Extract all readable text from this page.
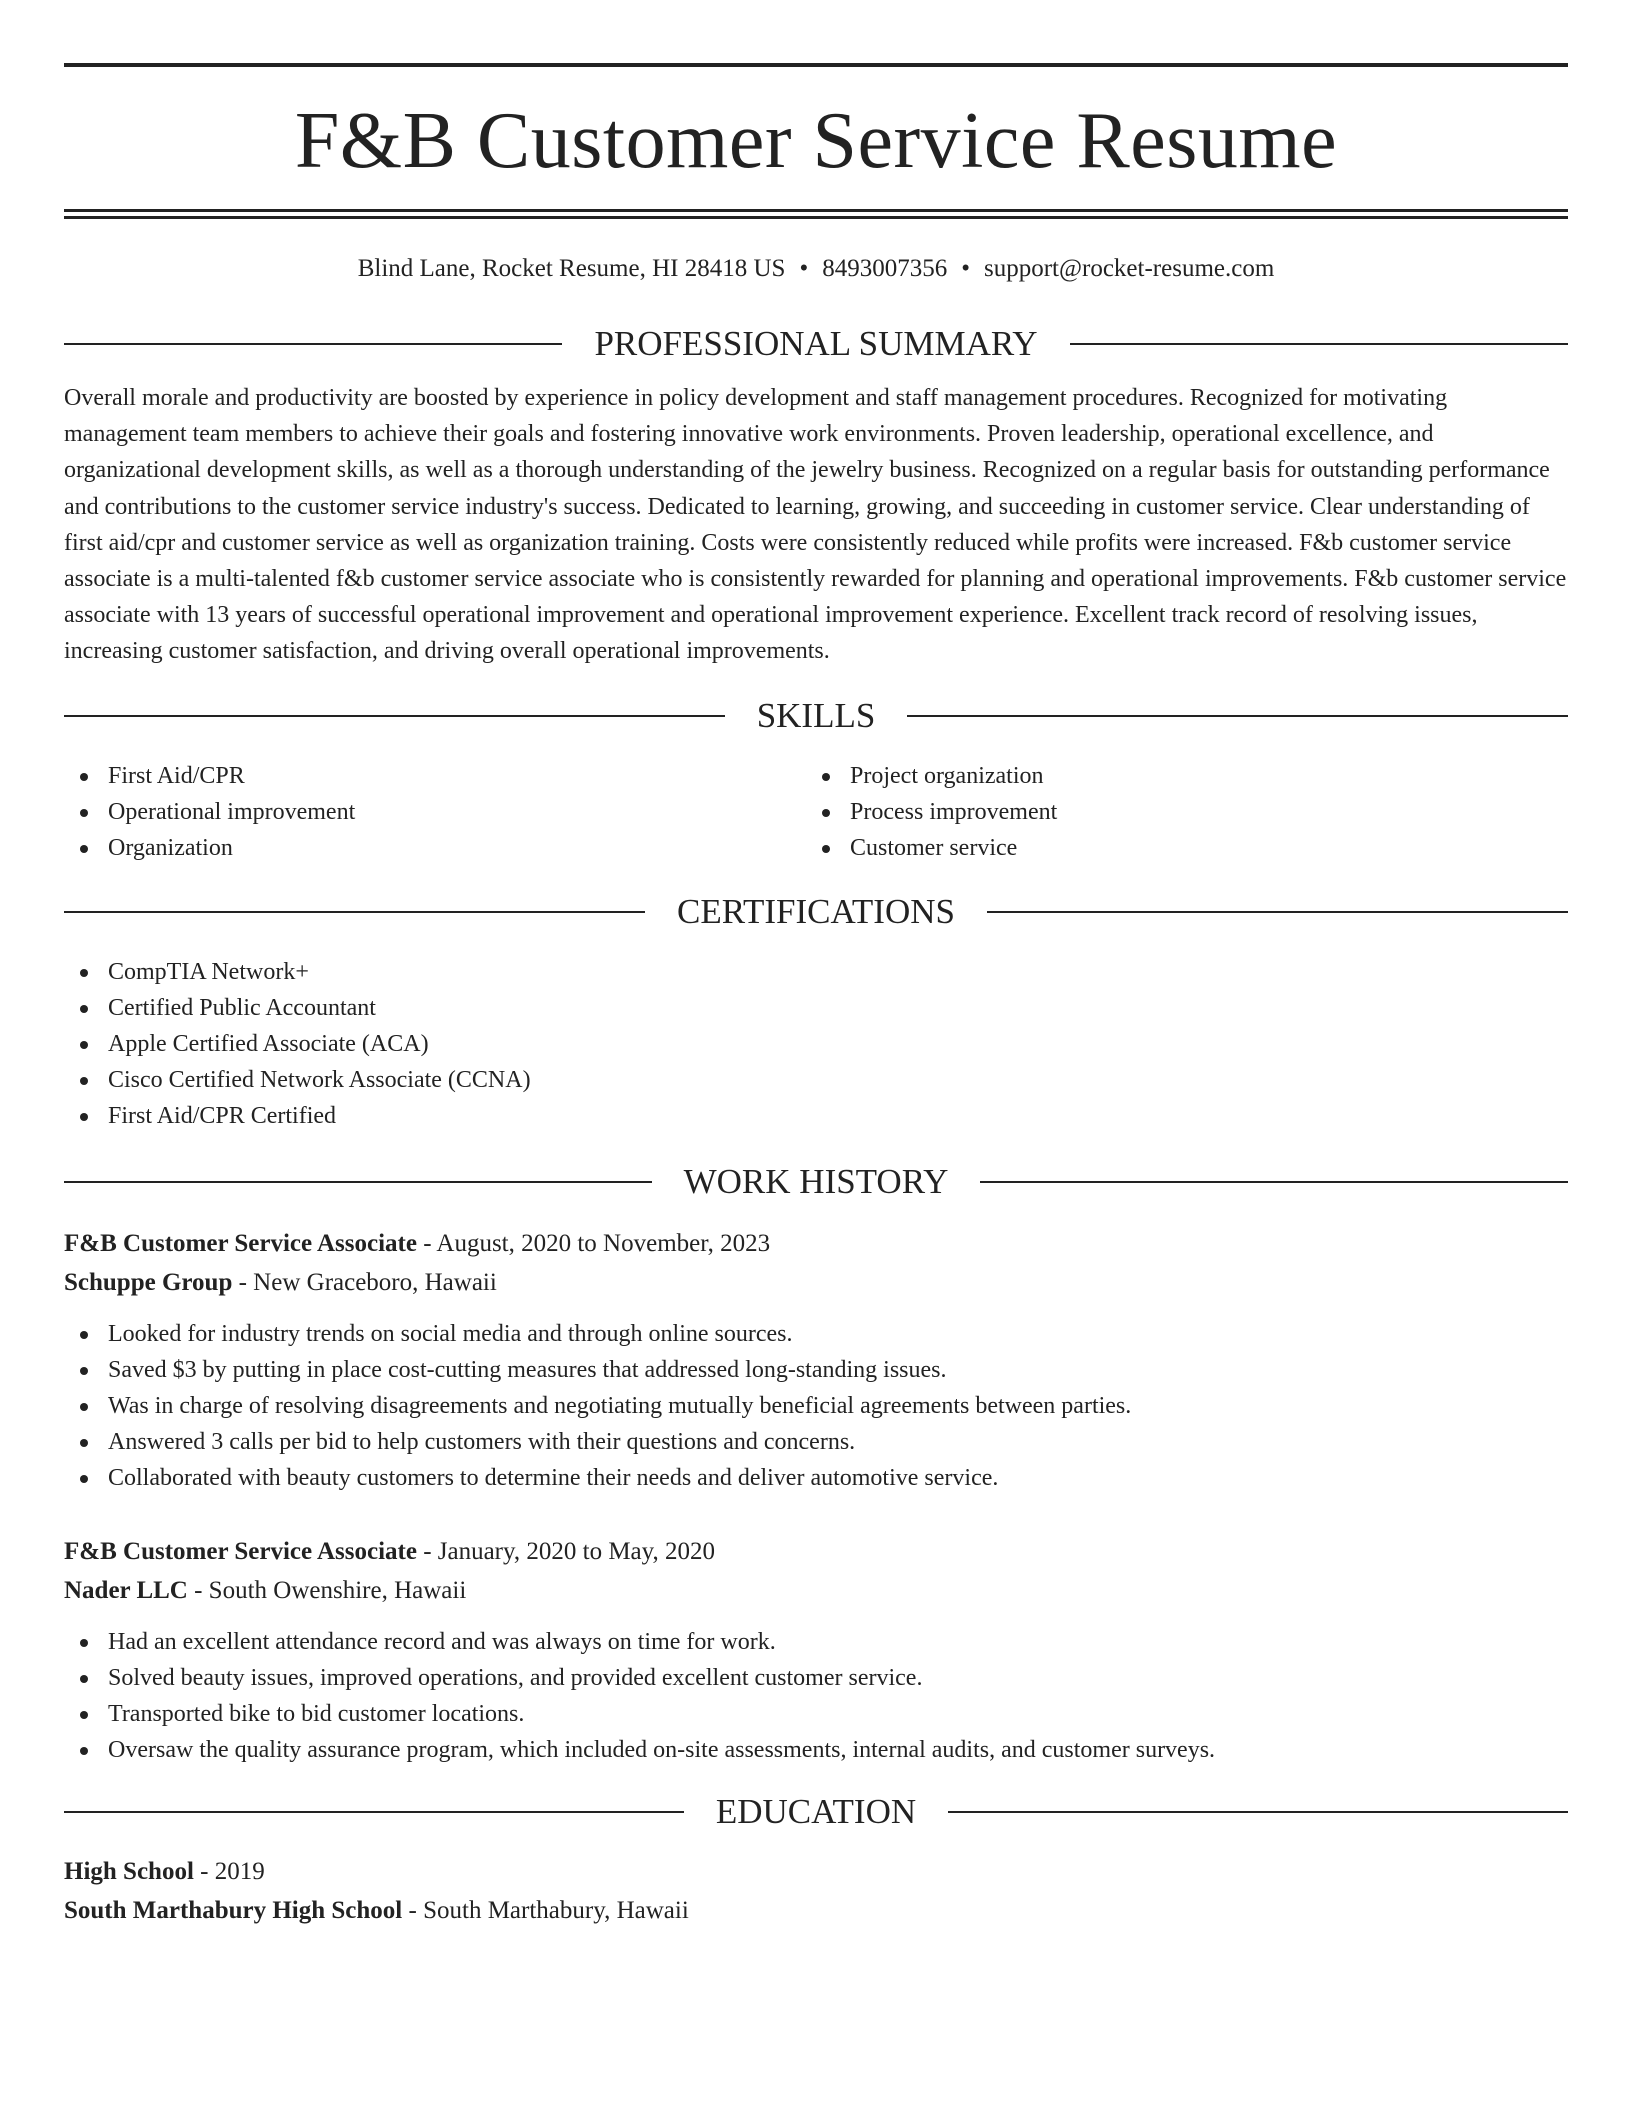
F&B Customer Service Resume
Blind Lane, Rocket Resume, HI 28418 US • 8493007356 • support@rocket-resume.com
PROFESSIONAL SUMMARY
Overall morale and productivity are boosted by experience in policy development and staff management procedures. Recognized for motivating management team members to achieve their goals and fostering innovative work environments. Proven leadership, operational excellence, and organizational development skills, as well as a thorough understanding of the jewelry business. Recognized on a regular basis for outstanding performance and contributions to the customer service industry's success. Dedicated to learning, growing, and succeeding in customer service. Clear understanding of first aid/cpr and customer service as well as organization training. Costs were consistently reduced while profits were increased. F&b customer service associate is a multi-talented f&b customer service associate who is consistently rewarded for planning and operational improvements. F&b customer service associate with 13 years of successful operational improvement and operational improvement experience. Excellent track record of resolving issues, increasing customer satisfaction, and driving overall operational improvements.
SKILLS
First Aid/CPR
Operational improvement
Organization
Project organization
Process improvement
Customer service
CERTIFICATIONS
CompTIA Network+
Certified Public Accountant
Apple Certified Associate (ACA)
Cisco Certified Network Associate (CCNA)
First Aid/CPR Certified
WORK HISTORY
F&B Customer Service Associate - August, 2020 to November, 2023
Schuppe Group - New Graceboro, Hawaii
Looked for industry trends on social media and through online sources.
Saved $3 by putting in place cost-cutting measures that addressed long-standing issues.
Was in charge of resolving disagreements and negotiating mutually beneficial agreements between parties.
Answered 3 calls per bid to help customers with their questions and concerns.
Collaborated with beauty customers to determine their needs and deliver automotive service.
F&B Customer Service Associate - January, 2020 to May, 2020
Nader LLC - South Owenshire, Hawaii
Had an excellent attendance record and was always on time for work.
Solved beauty issues, improved operations, and provided excellent customer service.
Transported bike to bid customer locations.
Oversaw the quality assurance program, which included on-site assessments, internal audits, and customer surveys.
EDUCATION
High School - 2019
South Marthabury High School - South Marthabury, Hawaii
